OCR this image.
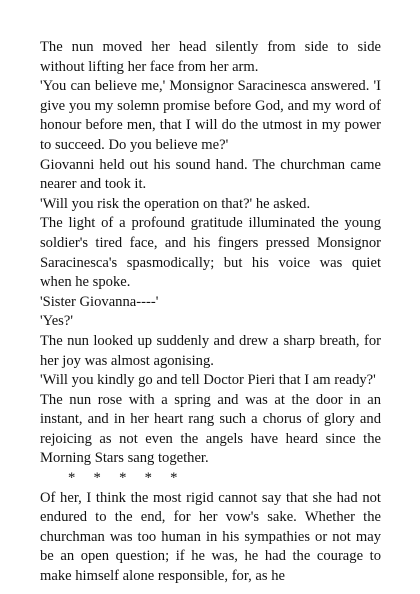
The nun moved her head silently from side to side without lifting her face from her arm.

'You can believe me,' Monsignor Saracinesca answered. 'I give you my solemn promise before God, and my word of honour before men, that I will do the utmost in my power to succeed. Do you believe me?'

Giovanni held out his sound hand. The churchman came nearer and took it.

'Will you risk the operation on that?' he asked.

The light of a profound gratitude illuminated the young soldier's tired face, and his fingers pressed Monsignor Saracinesca's spasmodically; but his voice was quiet when he spoke.

'Sister Giovanna----'

'Yes?'

The nun looked up suddenly and drew a sharp breath, for her joy was almost agonising.

'Will you kindly go and tell Doctor Pieri that I am ready?'

The nun rose with a spring and was at the door in an instant, and in her heart rang such a chorus of glory and rejoicing as not even the angels have heard since the Morning Stars sang together.

*     *     *     *     *

Of her, I think the most rigid cannot say that she had not endured to the end, for her vow's sake. Whether the churchman was too human in his sympathies or not may be an open question; if he was, he had the courage to make himself alone responsible, for, as he
